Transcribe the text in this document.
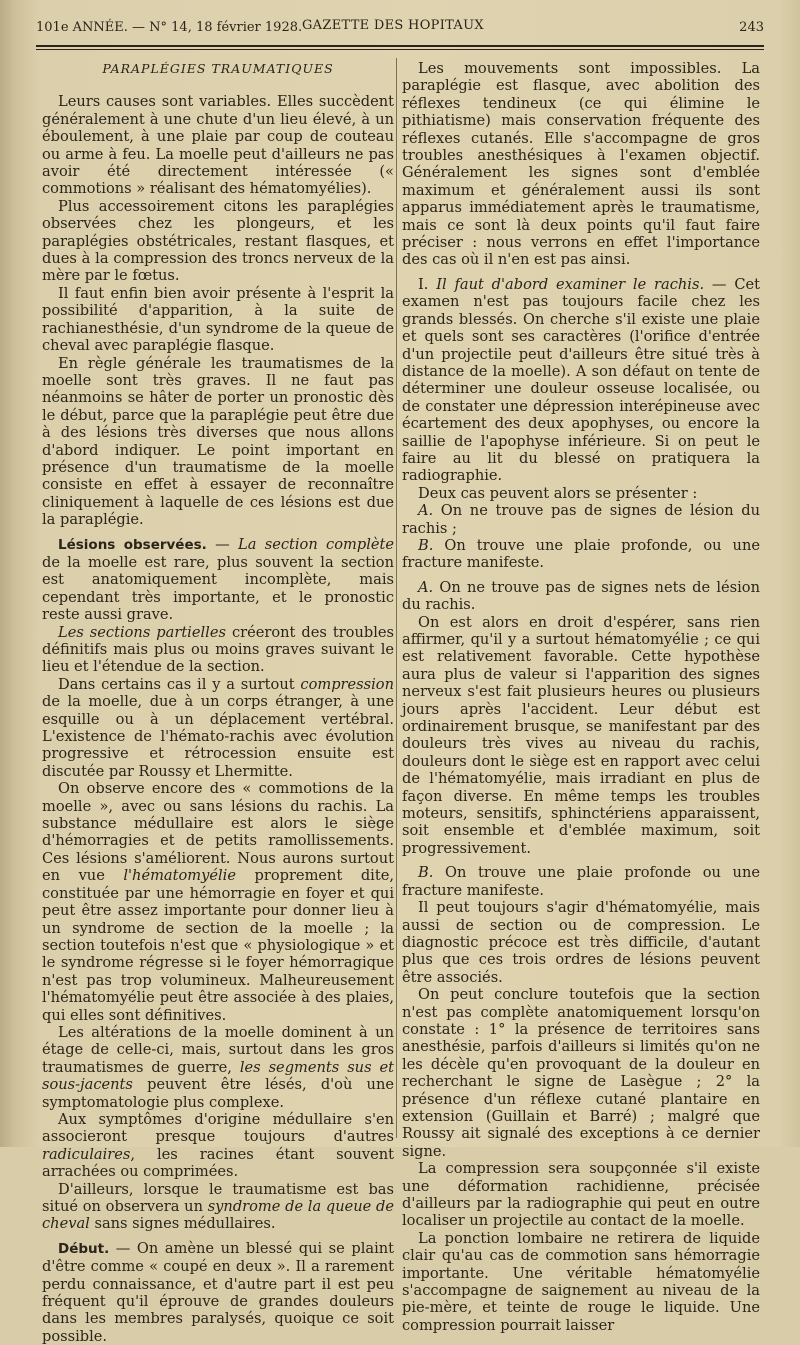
101e ANNÉE. — N° 14, 18 février 1928. GAZETTE DES HOPITAUX	243
PARAPLÉGIES TRAUMATIQUES

Leurs causes sont variables. Elles succèdent généralement à une chute d'un lieu élevé, à un éboulement, à une plaie par coup de couteau ou arme à feu. La moelle peut d'ailleurs ne pas avoir été directement intéressée (« commotions » réalisant des hématomyélies).

Plus accessoirement citons les paraplégies observées chez les plongeurs, et les paraplégies obstétricales, restant flasques, et dues à la compression des troncs nerveux de la mère par le fœtus.

Il faut enfin bien avoir présente à l'esprit la possibilité d'apparition, à la suite de rachianesthésie, d'un syndrome de la queue de cheval avec paraplégie flasque.

En règle générale les traumatismes de la moelle sont très graves. Il ne faut pas néanmoins se hâter de porter un pronostic dès le début, parce que la paraplégie peut être due à des lésions très diverses que nous allons d'abord indiquer. Le point important en présence d'un traumatisme de la moelle consiste en effet à essayer de reconnaître cliniquement à laquelle de ces lésions est due la paraplégie.

Lésions observées. — La section complète de la moelle est rare, plus souvent la section est anatomiquement incomplète, mais cependant très importante, et le pronostic reste aussi grave.

Les sections partielles créeront des troubles définitifs mais plus ou moins graves suivant le lieu et l'étendue de la section.

Dans certains cas il y a surtout compression de la moelle, due à un corps étranger, à une esquille ou à un déplacement vertébral. L'existence de l'hémato-rachis avec évolution progressive et rétrocession ensuite est discutée par Roussy et Lhermitte.

On observe encore des « commotions de la moelle », avec ou sans lésions du rachis. La substance médullaire est alors le siège d'hémorragies et de petits ramollissements. Ces lésions s'améliorent. Nous aurons surtout en vue l'hématomyélie proprement dite, constituée par une hémorragie en foyer et qui peut être assez importante pour donner lieu à un syndrome de section de la moelle ; la section toutefois n'est que « physiologique » et le syndrome régresse si le foyer hémorragique n'est pas trop volumineux. Malheureusement l'hématomyélie peut être associée à des plaies, qui elles sont définitives.

Les altérations de la moelle dominent à un étage de celle-ci, mais, surtout dans les gros traumatismes de guerre, les segments sus et sous-jacents peuvent être lésés, d'où une symptomatologie plus complexe.

Aux symptômes d'origine médullaire s'en associeront presque toujours d'autres radiculaires, les racines étant souvent arrachées ou comprimées.

D'ailleurs, lorsque le traumatisme est bas situé on observera un syndrome de la queue de cheval sans signes médullaires.

Début. — On amène un blessé qui se plaint d'être comme « coupé en deux ». Il a rarement perdu connaissance, et d'autre part il est peu fréquent qu'il éprouve de grandes douleurs dans les membres paralysés, quoique ce soit possible.

Les mouvements sont impossibles. La paraplégie est flasque, avec abolition des réflexes tendineux (ce qui élimine le pithiatisme) mais conservation fréquente des réflexes cutanés. Elle s'accompagne de gros troubles anesthésiques à l'examen objectif. Généralement les signes sont d'emblée maximum et généralement aussi ils sont apparus immédiatement après le traumatisme, mais ce sont là deux points qu'il faut faire préciser : nous verrons en effet l'importance des cas où il n'en est pas ainsi.

I. Il faut d'abord examiner le rachis. — Cet examen n'est pas toujours facile chez les grands blessés. On cherche s'il existe une plaie et quels sont ses caractères (l'orifice d'entrée d'un projectile peut d'ailleurs être situé très à distance de la moelle). A son défaut on tente de déterminer une douleur osseuse localisée, ou de constater une dépression interépineuse avec écartement des deux apophyses, ou encore la saillie de l'apophyse inférieure. Si on peut le faire au lit du blessé on pratiquera la radiographie.

Deux cas peuvent alors se présenter :

A. On ne trouve pas de signes de lésion du rachis ;

B. On trouve une plaie profonde, ou une fracture manifeste.

A. On ne trouve pas de signes nets de lésion du rachis.

On est alors en droit d'espérer, sans rien affirmer, qu'il y a surtout hématomyélie ; ce qui est relativement favorable. Cette hypothèse aura plus de valeur si l'apparition des signes nerveux s'est fait plusieurs heures ou plusieurs jours après l'accident. Leur début est ordinairement brusque, se manifestant par des douleurs très vives au niveau du rachis, douleurs dont le siège est en rapport avec celui de l'hématomyélie, mais irradiant en plus de façon diverse. En même temps les troubles moteurs, sensitifs, sphinctériens apparaissent, soit ensemble et d'emblée maximum, soit progressivement.

B. On trouve une plaie profonde ou une fracture manifeste.

Il peut toujours s'agir d'hématomyélie, mais aussi de section ou de compression. Le diagnostic précoce est très difficile, d'autant plus que ces trois ordres de lésions peuvent être associés.

On peut conclure toutefois que la section n'est pas complète anatomiquement lorsqu'on constate : 1° la présence de territoires sans anesthésie, parfois d'ailleurs si limités qu'on ne les décèle qu'en provoquant de la douleur en recherchant le signe de Lasègue ; 2° la présence d'un réflexe cutané plantaire en extension (Guillain et Barré) ; malgré que Roussy ait signalé des exceptions à ce dernier signe.

La compression sera soupçonnée s'il existe une déformation rachidienne, précisée d'ailleurs par la radiographie qui peut en outre localiser un projectile au contact de la moelle.

La ponction lombaire ne retirera de liquide clair qu'au cas de commotion sans hémorragie importante. Une véritable hématomyélie s'accompagne de saignement au niveau de la pie-mère, et teinte de rouge le liquide. Une compression pourrait laisser
